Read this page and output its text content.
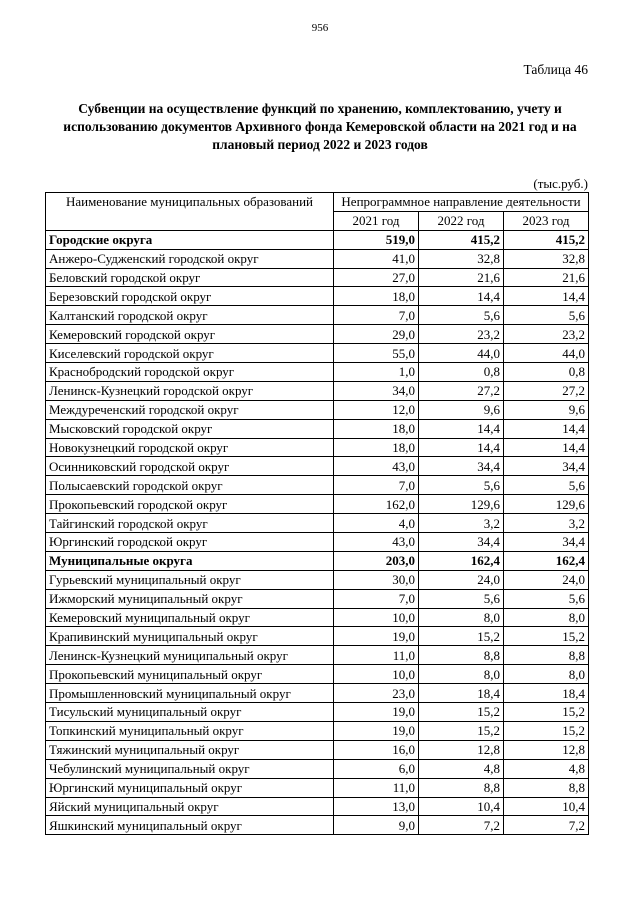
956
Таблица 46
Субвенции на осуществление функций по хранению, комплектованию, учету и использованию документов Архивного фонда Кемеровской области на 2021 год и на плановый период 2022 и 2023 годов
(тыс.руб.)
Наименование муниципальных образований	Непрограммное направление деятельности		
	2021 год	2022 год	2023 год
Городские округа	519,0	415,2	415,2
Анжеро-Судженский городской округ	41,0	32,8	32,8
Беловский городской округ	27,0	21,6	21,6
Березовский городской округ	18,0	14,4	14,4
Калтанский городской округ	7,0	5,6	5,6
Кемеровский городской округ	29,0	23,2	23,2
Киселевский городской округ	55,0	44,0	44,0
Краснобродский городской округ	1,0	0,8	0,8
Ленинск-Кузнецкий городской округ	34,0	27,2	27,2
Междуреченский городской округ	12,0	9,6	9,6
Мысковский городской округ	18,0	14,4	14,4
Новокузнецкий городской округ	18,0	14,4	14,4
Осинниковский городской округ	43,0	34,4	34,4
Полысаевский городской округ	7,0	5,6	5,6
Прокопьевский городской округ	162,0	129,6	129,6
Тайгинский городской округ	4,0	3,2	3,2
Юргинский городской округ	43,0	34,4	34,4
Муниципальные округа	203,0	162,4	162,4
Гурьевский муниципальный округ	30,0	24,0	24,0
Ижморский муниципальный округ	7,0	5,6	5,6
Кемеровский муниципальный округ	10,0	8,0	8,0
Крапивинский муниципальный округ	19,0	15,2	15,2
Ленинск-Кузнецкий муниципальный округ	11,0	8,8	8,8
Прокопьевский муниципальный округ	10,0	8,0	8,0
Промышленновский муниципальный округ	23,0	18,4	18,4
Тисульский муниципальный округ	19,0	15,2	15,2
Топкинский муниципальный округ	19,0	15,2	15,2
Тяжинский муниципальный округ	16,0	12,8	12,8
Чебулинский муниципальный округ	6,0	4,8	4,8
Юргинский муниципальный округ	11,0	8,8	8,8
Яйский муниципальный округ	13,0	10,4	10,4
Яшкинский муниципальный округ	9,0	7,2	7,2
